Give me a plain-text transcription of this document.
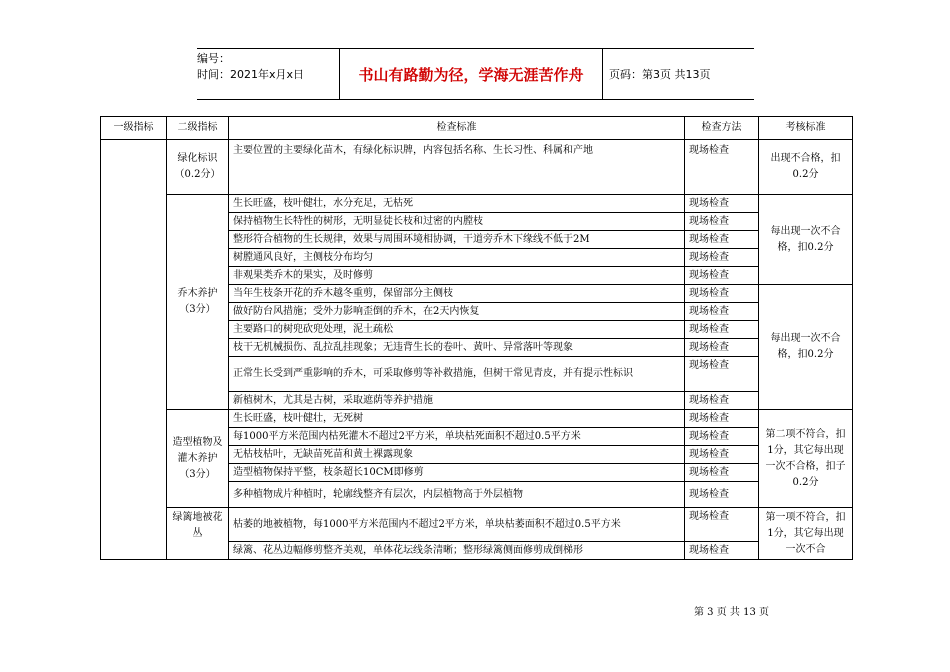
编号：
时间：2021年x月x日	书山有路勤为径，学海无涯苦作舟	页码：第3页 共13页
一级指标	二级指标	检查标准	检查方法	考核标准
	绿化标识（0.2分）	主要位置的主要绿化苗木，有绿化标识牌，内容包括名称、生长习性、科属和产地	现场检查	出现不合格，扣0.2分
	乔木养护（3分）	生长旺盛，枝叶健壮，水分充足，无枯死	现场检查	每出现一次不合格，扣0.2分
		保持植物生长特性的树形，无明显徒长枝和过密的内膛枝	现场检查	
		整形符合植物的生长规律，效果与周围环境相协调，干道旁乔木下缘线不低于2M	现场检查	
		树膛通风良好，主侧枝分布均匀	现场检查	
		非观果类乔木的果实，及时修剪	现场检查	
		当年生枝条开花的乔木越冬重剪，保留部分主侧枝	现场检查	每出现一次不合格，扣0.2分
		做好防台风措施；受外力影响歪倒的乔木，在2天内恢复	现场检查	
		主要路口的树兜砍兜处理，泥土疏松	现场检查	
		枝干无机械损伤、乱拉乱挂现象；无违背生长的卷叶、黄叶、异常落叶等现象	现场检查	
		正常生长受到严重影响的乔木，可采取修剪等补救措施，但树干常见青皮，并有提示性标识	现场检查	
		新植树木，尤其是古树，采取遮荫等养护措施	现场检查	
	造型植物及灌木养护（3分）	生长旺盛，枝叶健壮，无死树	现场检查	第二项不符合，扣1分，其它每出现一次不合格，扣子0.2分
		每1000平方米范围内枯死灌木不超过2平方米，单块枯死面积不超过0.5平方米	现场检查	
		无枯枝枯叶，无缺苗死苗和黄土裸露现象	现场检查	
		造型植物保持平整，枝条超长10CM即修剪	现场检查	
		多种植物成片种植时，轮廓线整齐有层次，内层植物高于外层植物	现场检查	
	绿篱地被花丛	枯萎的地被植物，每1000平方米范围内不超过2平方米，单块枯萎面积不超过0.5平方米	现场检查	第一项不符合，扣1分，其它每出现一次不合
		绿篱、花丛边幅修剪整齐美观，单体花坛线条清晰；整形绿篱侧面修剪成倒梯形	现场检查	
第 3 页 共 13 页
